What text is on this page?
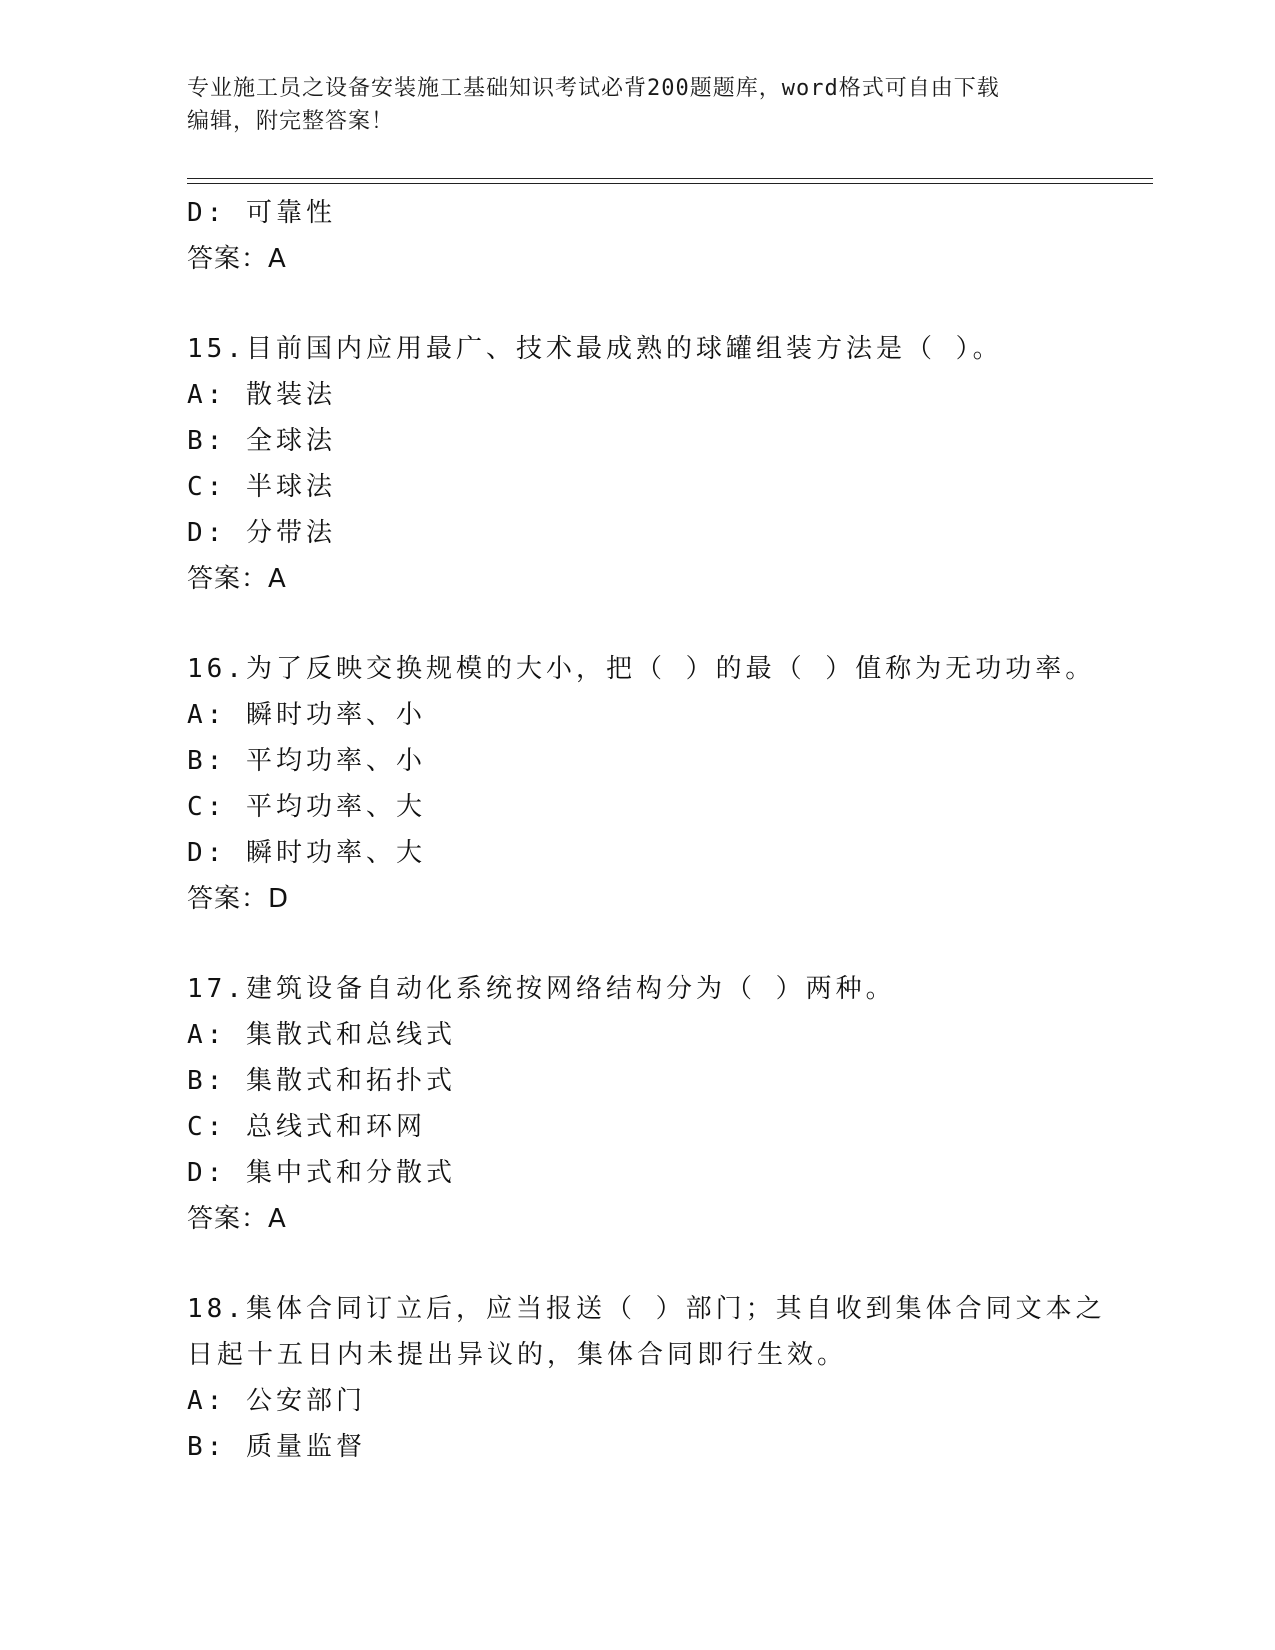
专业施工员之设备安装施工基础知识考试必背200题题库，word格式可自由下载
编辑，附完整答案！
D: 可靠性
答案：A
15.目前国内应用最广、技术最成熟的球罐组装方法是（ ）。
A: 散装法
B: 全球法
C: 半球法
D: 分带法
答案：A
16.为了反映交换规模的大小，把（ ）的最（ ）值称为无功功率。
A: 瞬时功率、小
B: 平均功率、小
C: 平均功率、大
D: 瞬时功率、大
答案：D
17.建筑设备自动化系统按网络结构分为（ ）两种。
A: 集散式和总线式
B: 集散式和拓扑式
C: 总线式和环网
D: 集中式和分散式
答案：A
18.集体合同订立后，应当报送（ ）部门；其自收到集体合同文本之
日起十五日内未提出异议的，集体合同即行生效。
A: 公安部门
B: 质量监督
